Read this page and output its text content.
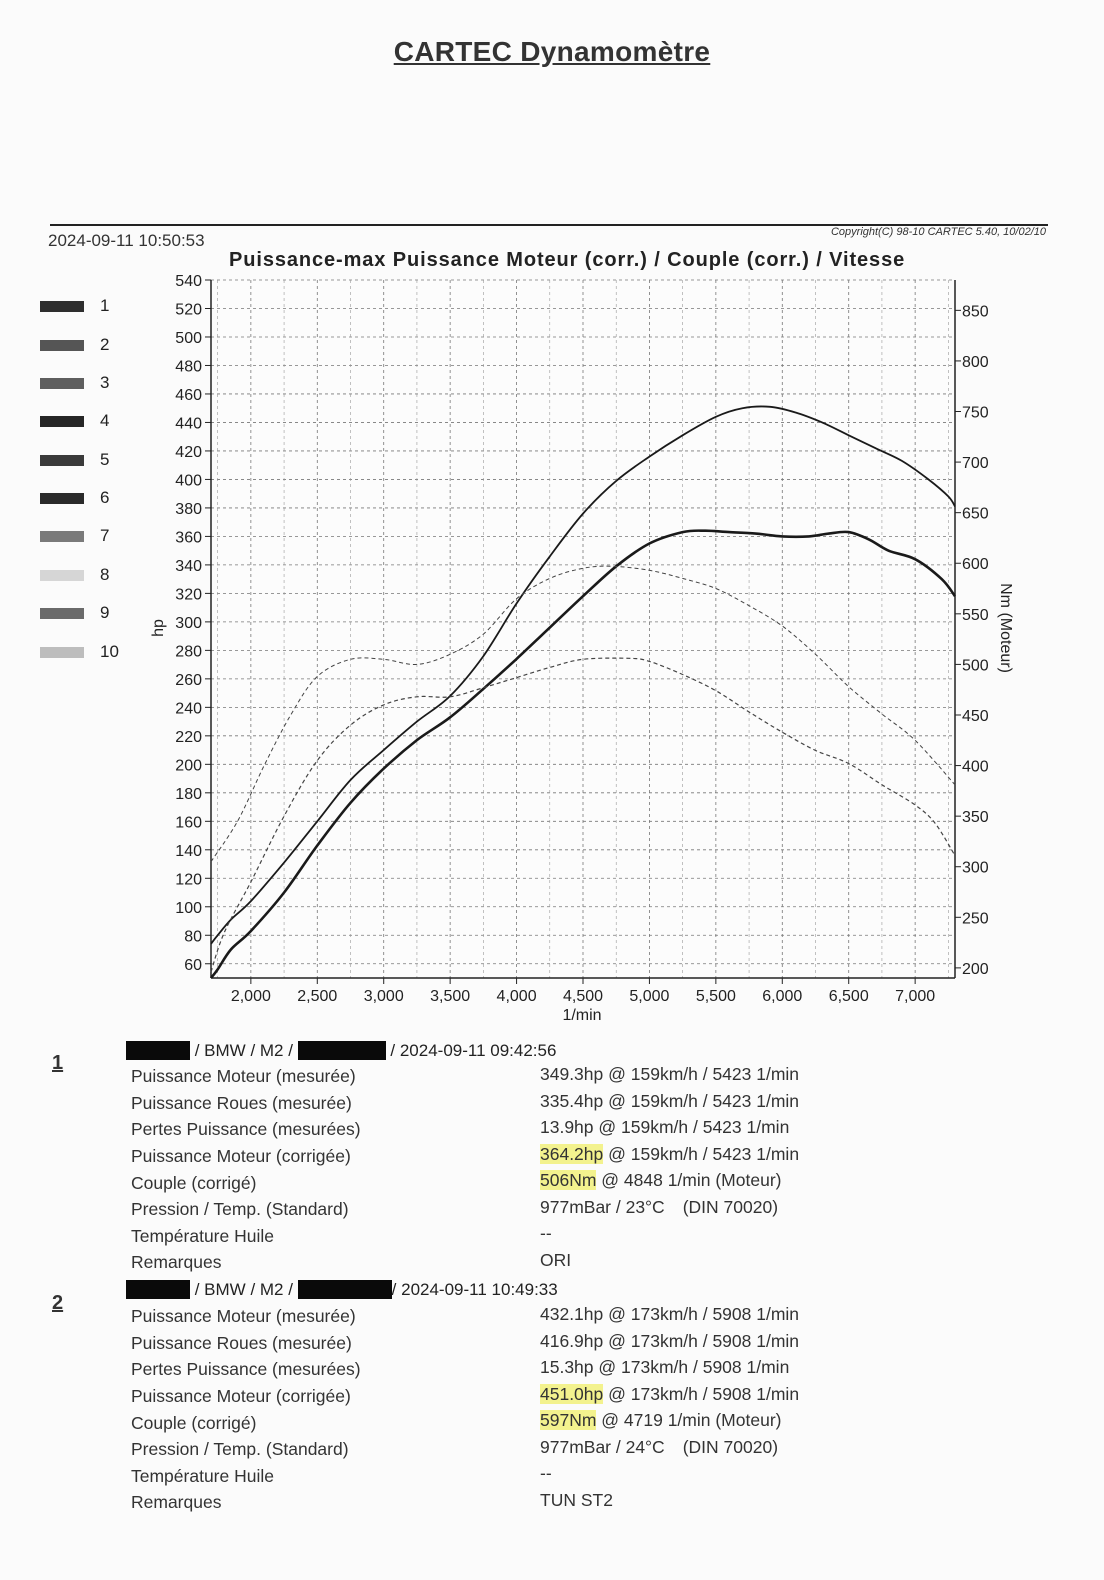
CARTEC Dynamomètre
2024-09-11 10:50:53	Copyright(C) 98-10 CARTEC 5.40, 10/02/10
Puissance-max Puissance Moteur (corr.) / Couple (corr.) / Vitesse
1
2
3
4
5
6
7
8
9
10
60
80
100
120
140
160
180
200
220
240
260
280
300
320
340
360
380
400
420
440
460
480
500
520
540
200
250
300
350
400
450
500
550
600
650
700
750
800
850
2,000 2,500 3,000 3,500 4,000 4,500 5,000 5,500 6,000 6,500 7,000
1/min
hp	Nm (Moteur)
1
/ BMW / M2 /	/ 2024-09-11 09:42:56
Puissance Moteur (mesurée)	349.3hp @ 159km/h / 5423 1/min
Puissance Roues (mesurée)	335.4hp @ 159km/h / 5423 1/min
Pertes Puissance (mesurées)	13.9hp @ 159km/h / 5423 1/min
Puissance Moteur (corrigée)	364.2hp @ 159km/h / 5423 1/min
Couple (corrigé)	506Nm @ 4848 1/min (Moteur)
Pression / Temp. (Standard)	977mBar / 23°C (DIN 70020)
Température Huile	--
Remarques	ORI
2
/ BMW / M2 /	/ 2024-09-11 10:49:33
Puissance Moteur (mesurée)	432.1hp @ 173km/h / 5908 1/min
Puissance Roues (mesurée)	416.9hp @ 173km/h / 5908 1/min
Pertes Puissance (mesurées)	15.3hp @ 173km/h / 5908 1/min
Puissance Moteur (corrigée)	451.0hp @ 173km/h / 5908 1/min
Couple (corrigé)	597Nm @ 4719 1/min (Moteur)
Pression / Temp. (Standard)	977mBar / 24°C (DIN 70020)
Température Huile	--
Remarques	TUN ST2
